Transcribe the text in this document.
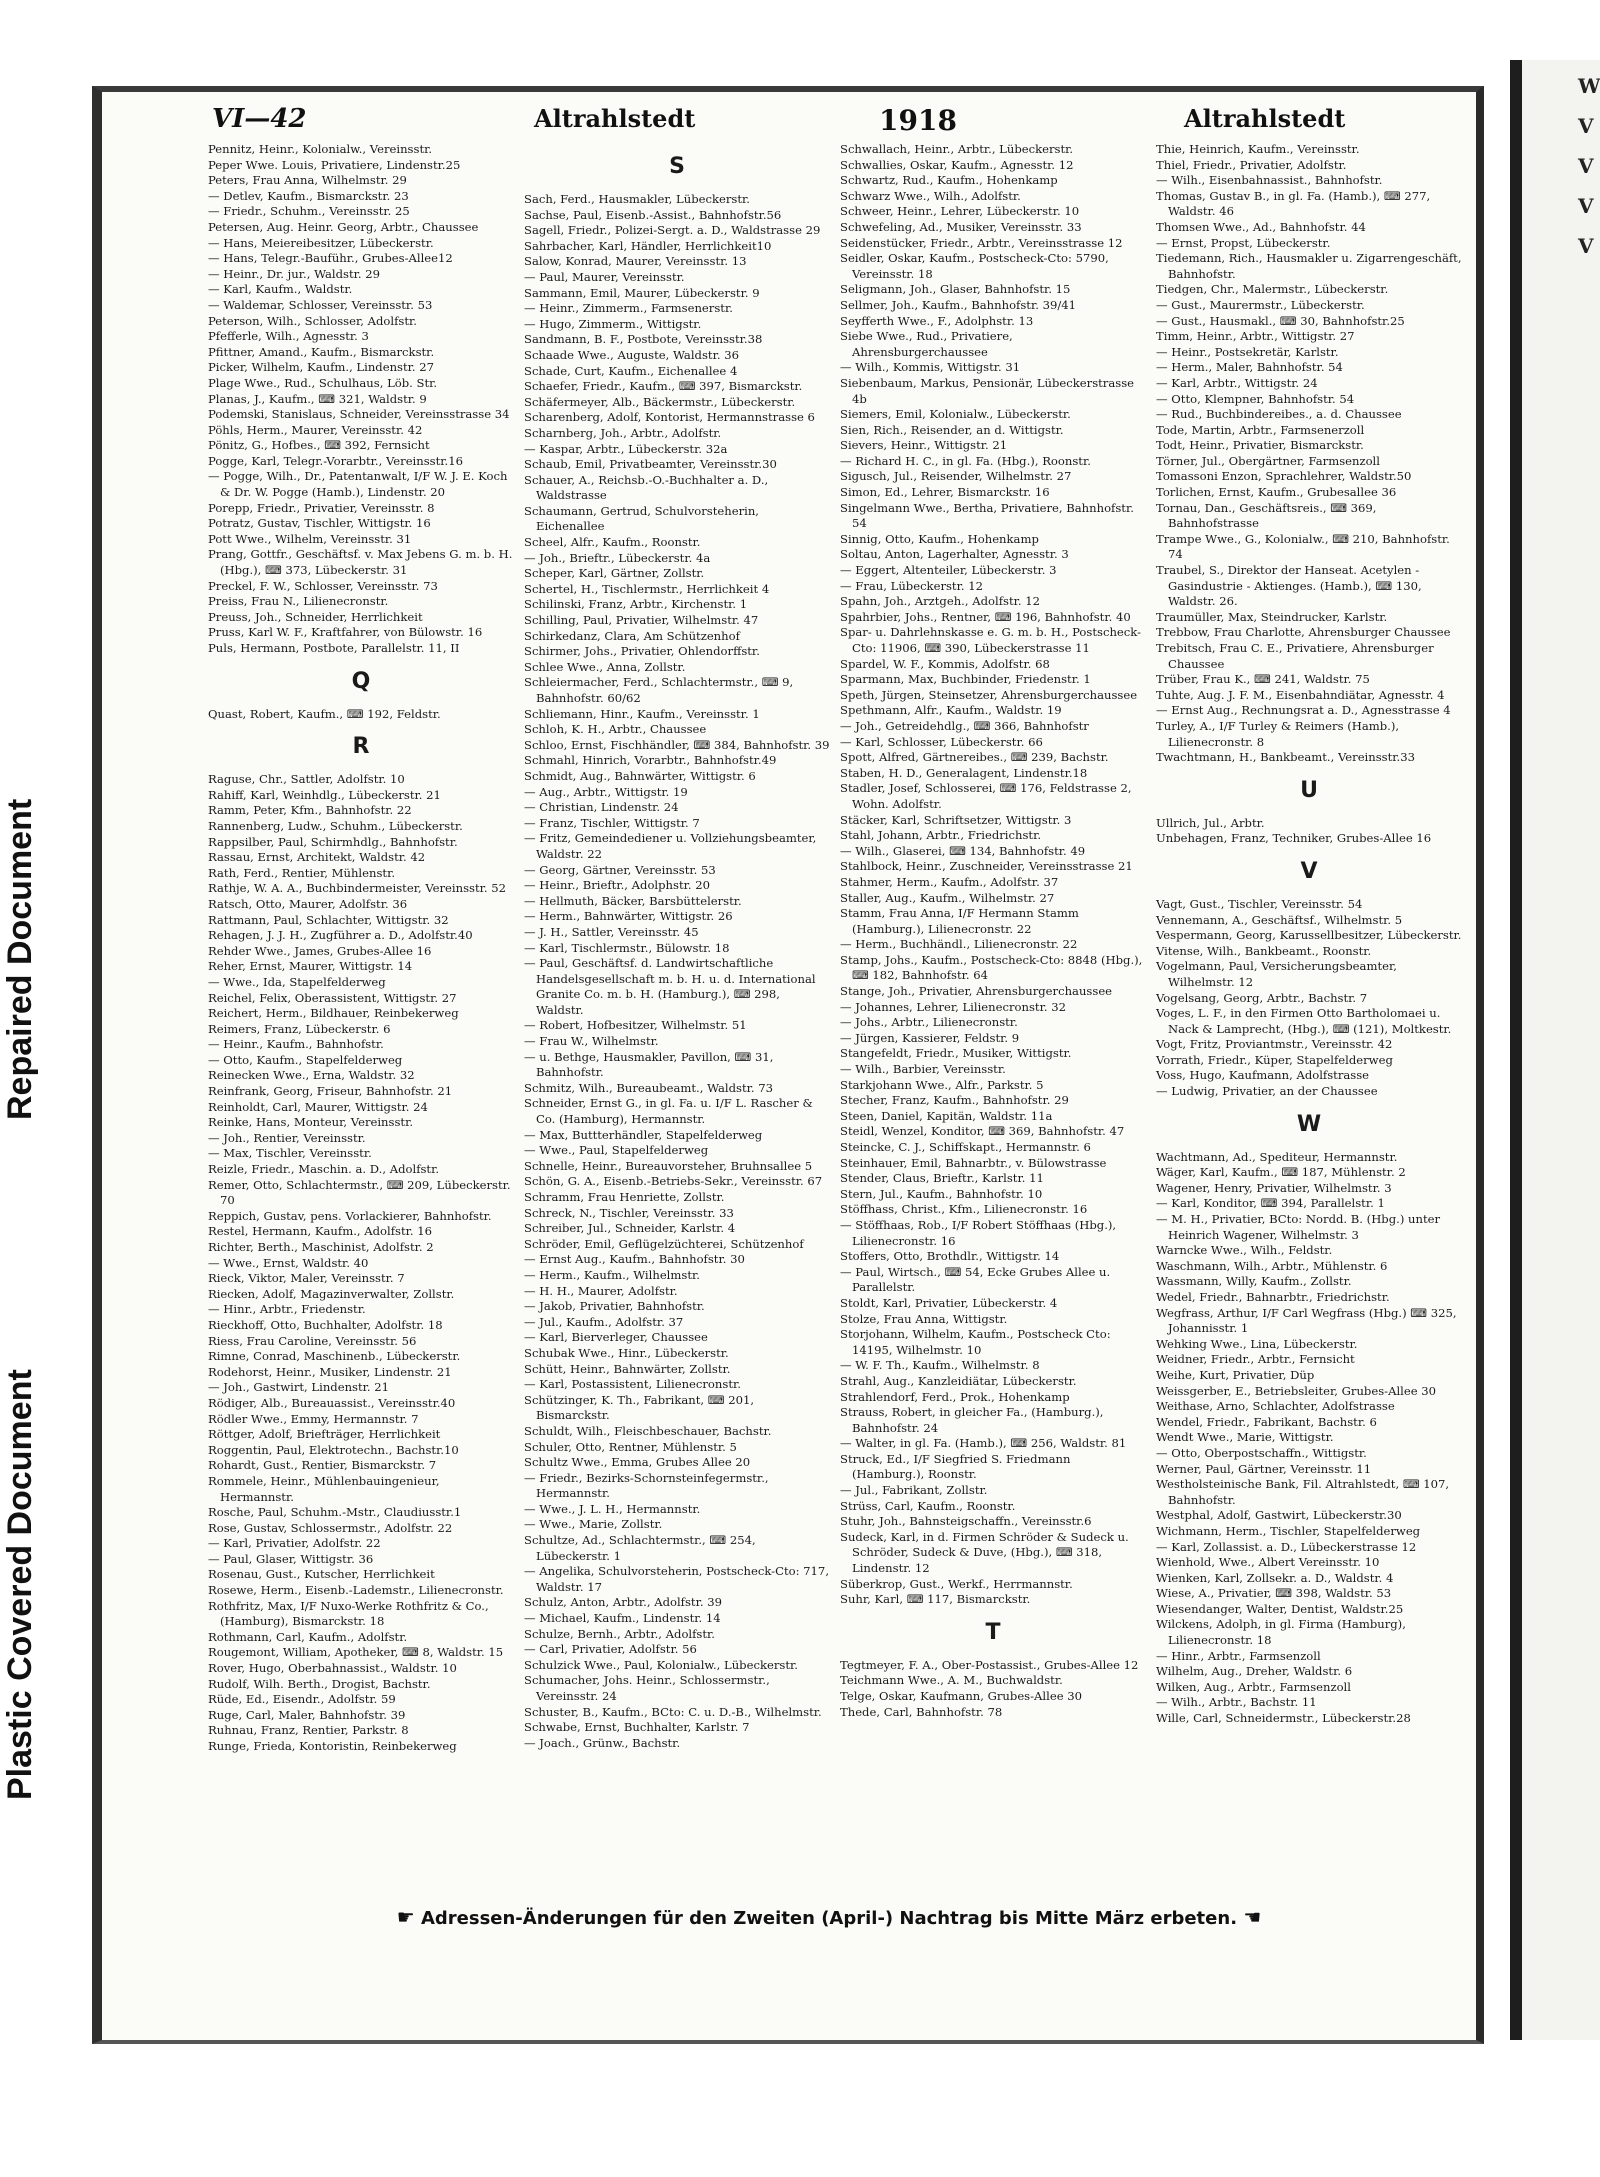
Repaired Document
Plastic Covered Document
VI—42	Altrahlstedt	1918	Altrahlstedt

Pennitz, Heinr., Kolonialw., Vereinsstr.

Peper Wwe. Louis, Privatiere, Lindenstr.25

Peters, Frau Anna, Wilhelmstr. 29

— Detlev, Kaufm., Bismarckstr. 23

— Friedr., Schuhm., Vereinsstr. 25

Petersen, Aug. Heinr. Georg, Arbtr., Chaussee

— Hans, Meiereibesitzer, Lübeckerstr.

— Hans, Telegr.-Bauführ., Grubes-Allee12

— Heinr., Dr. jur., Waldstr. 29

— Karl, Kaufm., Waldstr.

— Waldemar, Schlosser, Vereinsstr. 53

Peterson, Wilh., Schlosser, Adolfstr.

Pfefferle, Wilh., Agnesstr. 3

Pfittner, Amand., Kaufm., Bismarckstr.

Picker, Wilhelm, Kaufm., Lindenstr. 27

Plage Wwe., Rud., Schulhaus, Löb. Str.

Planas, J., Kaufm., ⌨ 321, Waldstr. 9

Podemski, Stanislaus, Schneider, Vereinsstrasse 34

Pöhls, Herm., Maurer, Vereinsstr. 42

Pönitz, G., Hofbes., ⌨ 392, Fernsicht

Pogge, Karl, Telegr.-Vorarbtr., Vereinsstr.16

— Pogge, Wilh., Dr., Patentanwalt, I/F W. J. E. Koch & Dr. W. Pogge (Hamb.), Lindenstr. 20

Porepp, Friedr., Privatier, Vereinsstr. 8

Potratz, Gustav, Tischler, Wittigstr. 16

Pott Wwe., Wilhelm, Vereinsstr. 31

Prang, Gottfr., Geschäftsf. v. Max Jebens G. m. b. H. (Hbg.), ⌨ 373, Lübeckerstr. 31

Preckel, F. W., Schlosser, Vereinsstr. 73

Preiss, Frau N., Lilienecronstr.

Preuss, Joh., Schneider, Herrlichkeit

Pruss, Karl W. F., Kraftfahrer, von Bülowstr. 16

Puls, Hermann, Postbote, Parallelstr. 11, II

Q

Quast, Robert, Kaufm., ⌨ 192, Feldstr.

R

Raguse, Chr., Sattler, Adolfstr. 10

Rahiff, Karl, Weinhdlg., Lübeckerstr. 21

Ramm, Peter, Kfm., Bahnhofstr. 22

Rannenberg, Ludw., Schuhm., Lübeckerstr.

Rappsilber, Paul, Schirmhdlg., Bahnhofstr.

Rassau, Ernst, Architekt, Waldstr. 42

Rath, Ferd., Rentier, Mühlenstr.

Rathje, W. A. A., Buchbindermeister, Vereinsstr. 52

Ratsch, Otto, Maurer, Adolfstr. 36

Rattmann, Paul, Schlachter, Wittigstr. 32

Rehagen, J. J. H., Zugführer a. D., Adolfstr.40

Rehder Wwe., James, Grubes-Allee 16

Reher, Ernst, Maurer, Wittigstr. 14

— Wwe., Ida, Stapelfelderweg

Reichel, Felix, Oberassistent, Wittigstr. 27

Reichert, Herm., Bildhauer, Reinbekerweg

Reimers, Franz, Lübeckerstr. 6

— Heinr., Kaufm., Bahnhofstr.

— Otto, Kaufm., Stapelfelderweg

Reinecken Wwe., Erna, Waldstr. 32

Reinfrank, Georg, Friseur, Bahnhofstr. 21

Reinholdt, Carl, Maurer, Wittigstr. 24

Reinke, Hans, Monteur, Vereinsstr.

— Joh., Rentier, Vereinsstr.

— Max, Tischler, Vereinsstr.

Reizle, Friedr., Maschin. a. D., Adolfstr.

Remer, Otto, Schlachtermstr., ⌨ 209, Lübeckerstr. 70

Reppich, Gustav, pens. Vorlackierer, Bahnhofstr.

Restel, Hermann, Kaufm., Adolfstr. 16

Richter, Berth., Maschinist, Adolfstr. 2

— Wwe., Ernst, Waldstr. 40

Rieck, Viktor, Maler, Vereinsstr. 7

Riecken, Adolf, Magazinverwalter, Zollstr.

— Hinr., Arbtr., Friedenstr.

Rieckhoff, Otto, Buchhalter, Adolfstr. 18

Riess, Frau Caroline, Vereinsstr. 56

Rimne, Conrad, Maschinenb., Lübeckerstr.

Rodehorst, Heinr., Musiker, Lindenstr. 21

— Joh., Gastwirt, Lindenstr. 21

Rödiger, Alb., Bureauassist., Vereinsstr.40

Rödler Wwe., Emmy, Hermannstr. 7

Röttger, Adolf, Briefträger, Herrlichkeit

Roggentin, Paul, Elektrotechn., Bachstr.10

Rohardt, Gust., Rentier, Bismarckstr. 7

Rommele, Heinr., Mühlenbauingenieur, Hermannstr.

Rosche, Paul, Schuhm.-Mstr., Claudiusstr.1

Rose, Gustav, Schlossermstr., Adolfstr. 22

— Karl, Privatier, Adolfstr. 22

— Paul, Glaser, Wittigstr. 36

Rosenau, Gust., Kutscher, Herrlichkeit

Rosewe, Herm., Eisenb.-Lademstr., Lilienecronstr.

Rothfritz, Max, I/F Nuxo-Werke Rothfritz & Co., (Hamburg), Bismarckstr. 18

Rothmann, Carl, Kaufm., Adolfstr.

Rougemont, William, Apotheker, ⌨ 8, Waldstr. 15

Rover, Hugo, Oberbahnassist., Waldstr. 10

Rudolf, Wilh. Berth., Drogist, Bachstr.

Rüde, Ed., Eisendr., Adolfstr. 59

Ruge, Carl, Maler, Bahnhofstr. 39

Ruhnau, Franz, Rentier, Parkstr. 8

Runge, Frieda, Kontoristin, Reinbekerweg

S

Sach, Ferd., Hausmakler, Lübeckerstr.

Sachse, Paul, Eisenb.-Assist., Bahnhofstr.56

Sagell, Friedr., Polizei-Sergt. a. D., Waldstrasse 29

Sahrbacher, Karl, Händler, Herrlichkeit10

Salow, Konrad, Maurer, Vereinsstr. 13

— Paul, Maurer, Vereinsstr.

Sammann, Emil, Maurer, Lübeckerstr. 9

— Heinr., Zimmerm., Farmsenerstr.

— Hugo, Zimmerm., Wittigstr.

Sandmann, B. F., Postbote, Vereinsstr.38

Schaade Wwe., Auguste, Waldstr. 36

Schade, Curt, Kaufm., Eichenallee 4

Schaefer, Friedr., Kaufm., ⌨ 397, Bismarckstr.

Schäfermeyer, Alb., Bäckermstr., Lübeckerstr.

Scharenberg, Adolf, Kontorist, Hermannstrasse 6

Scharnberg, Joh., Arbtr., Adolfstr.

— Kaspar, Arbtr., Lübeckerstr. 32a

Schaub, Emil, Privatbeamter, Vereinsstr.30

Schauer, A., Reichsb.-O.-Buchhalter a. D., Waldstrasse

Schaumann, Gertrud, Schulvorsteherin, Eichenallee

Scheel, Alfr., Kaufm., Roonstr.

— Joh., Brieftr., Lübeckerstr. 4a

Scheper, Karl, Gärtner, Zollstr.

Schertel, H., Tischlermstr., Herrlichkeit 4

Schilinski, Franz, Arbtr., Kirchenstr. 1

Schilling, Paul, Privatier, Wilhelmstr. 47

Schirkedanz, Clara, Am Schützenhof

Schirmer, Johs., Privatier, Ohlendorffstr.

Schlee Wwe., Anna, Zollstr.

Schleiermacher, Ferd., Schlachtermstr., ⌨ 9, Bahnhofstr. 60/62

Schliemann, Hinr., Kaufm., Vereinsstr. 1

Schloh, K. H., Arbtr., Chaussee

Schloo, Ernst, Fischhändler, ⌨ 384, Bahnhofstr. 39

Schmahl, Hinrich, Vorarbtr., Bahnhofstr.49

Schmidt, Aug., Bahnwärter, Wittigstr. 6

— Aug., Arbtr., Wittigstr. 19

— Christian, Lindenstr. 24

— Franz, Tischler, Wittigstr. 7

— Fritz, Gemeindediener u. Vollziehungsbeamter, Waldstr. 22

— Georg, Gärtner, Vereinsstr. 53

— Heinr., Brieftr., Adolphstr. 20

— Hellmuth, Bäcker, Barsbüttelerstr.

— Herm., Bahnwärter, Wittigstr. 26

— J. H., Sattler, Vereinsstr. 45

— Karl, Tischlermstr., Bülowstr. 18

— Paul, Geschäftsf. d. Landwirtschaftliche Handelsgesellschaft m. b. H. u. d. International Granite Co. m. b. H. (Hamburg.), ⌨ 298, Waldstr.

— Robert, Hofbesitzer, Wilhelmstr. 51

— Frau W., Wilhelmstr.

— u. Bethge, Hausmakler, Pavillon, ⌨ 31, Bahnhofstr.

Schmitz, Wilh., Bureaubeamt., Waldstr. 73

Schneider, Ernst G., in gl. Fa. u. I/F L. Rascher & Co. (Hamburg), Hermannstr.

— Max, Buttterhändler, Stapelfelderweg

— Wwe., Paul, Stapelfelderweg

Schnelle, Heinr., Bureauvorsteher, Bruhnsallee 5

Schön, G. A., Eisenb.-Betriebs-Sekr., Vereinsstr. 67

Schramm, Frau Henriette, Zollstr.

Schreck, N., Tischler, Vereinsstr. 33

Schreiber, Jul., Schneider, Karlstr. 4

Schröder, Emil, Geflügelzüchterei, Schützenhof

— Ernst Aug., Kaufm., Bahnhofstr. 30

— Herm., Kaufm., Wilhelmstr.

— H. H., Maurer, Adolfstr.

— Jakob, Privatier, Bahnhofstr.

— Jul., Kaufm., Adolfstr. 37

— Karl, Bierverleger, Chaussee

Schubak Wwe., Hinr., Lübeckerstr.

Schütt, Heinr., Bahnwärter, Zollstr.

— Karl, Postassistent, Lilienecronstr.

Schützinger, K. Th., Fabrikant, ⌨ 201, Bismarckstr.

Schuldt, Wilh., Fleischbeschauer, Bachstr.

Schuler, Otto, Rentner, Mühlenstr. 5

Schultz Wwe., Emma, Grubes Allee 20

— Friedr., Bezirks-Schornsteinfegermstr., Hermannstr.

— Wwe., J. L. H., Hermannstr.

— Wwe., Marie, Zollstr.

Schultze, Ad., Schlachtermstr., ⌨ 254, Lübeckerstr. 1

— Angelika, Schulvorsteherin, Postscheck-Cto: 717, Waldstr. 17

Schulz, Anton, Arbtr., Adolfstr. 39

— Michael, Kaufm., Lindenstr. 14

Schulze, Bernh., Arbtr., Adolfstr.

— Carl, Privatier, Adolfstr. 56

Schulzick Wwe., Paul, Kolonialw., Lübeckerstr.

Schumacher, Johs. Heinr., Schlossermstr., Vereinsstr. 24

Schuster, B., Kaufm., BCto: C. u. D.-B., Wilhelmstr.

Schwabe, Ernst, Buchhalter, Karlstr. 7

— Joach., Grünw., Bachstr.

Schwallach, Heinr., Arbtr., Lübeckerstr.

Schwallies, Oskar, Kaufm., Agnesstr. 12

Schwartz, Rud., Kaufm., Hohenkamp

Schwarz Wwe., Wilh., Adolfstr.

Schweer, Heinr., Lehrer, Lübeckerstr. 10

Schwefeling, Ad., Musiker, Vereinsstr. 33

Seidenstücker, Friedr., Arbtr., Vereinsstrasse 12

Seidler, Oskar, Kaufm., Postscheck-Cto: 5790, Vereinsstr. 18

Seligmann, Joh., Glaser, Bahnhofstr. 15

Sellmer, Joh., Kaufm., Bahnhofstr. 39/41

Seyfferth Wwe., F., Adolphstr. 13

Siebe Wwe., Rud., Privatiere, Ahrensburgerchaussee

— Wilh., Kommis, Wittigstr. 31

Siebenbaum, Markus, Pensionär, Lübeckerstrasse 4b

Siemers, Emil, Kolonialw., Lübeckerstr.

Sien, Rich., Reisender, an d. Wittigstr.

Sievers, Heinr., Wittigstr. 21

— Richard H. C., in gl. Fa. (Hbg.), Roonstr.

Sigusch, Jul., Reisender, Wilhelmstr. 27

Simon, Ed., Lehrer, Bismarckstr. 16

Singelmann Wwe., Bertha, Privatiere, Bahnhofstr. 54

Sinnig, Otto, Kaufm., Hohenkamp

Soltau, Anton, Lagerhalter, Agnesstr. 3

— Eggert, Altenteiler, Lübeckerstr. 3

— Frau, Lübeckerstr. 12

Spahn, Joh., Arztgeh., Adolfstr. 12

Spahrbier, Johs., Rentner, ⌨ 196, Bahnhofstr. 40

Spar- u. Dahrlehnskasse e. G. m. b. H., Postscheck-Cto: 11906, ⌨ 390, Lübeckerstrasse 11

Spardel, W. F., Kommis, Adolfstr. 68

Sparmann, Max, Buchbinder, Friedenstr. 1

Speth, Jürgen, Steinsetzer, Ahrensburgerchaussee

Spethmann, Alfr., Kaufm., Waldstr. 19

— Joh., Getreidehdlg., ⌨ 366, Bahnhofstr

— Karl, Schlosser, Lübeckerstr. 66

Spott, Alfred, Gärtnereibes., ⌨ 239, Bachstr.

Staben, H. D., Generalagent, Lindenstr.18

Stadler, Josef, Schlosserei, ⌨ 176, Feldstrasse 2, Wohn. Adolfstr.

Stäcker, Karl, Schriftsetzer, Wittigstr. 3

Stahl, Johann, Arbtr., Friedrichstr.

— Wilh., Glaserei, ⌨ 134, Bahnhofstr. 49

Stahlbock, Heinr., Zuschneider, Vereinsstrasse 21

Stahmer, Herm., Kaufm., Adolfstr. 37

Staller, Aug., Kaufm., Wilhelmstr. 27

Stamm, Frau Anna, I/F Hermann Stamm (Hamburg.), Lilienecronstr. 22

— Herm., Buchhändl., Lilienecronstr. 22

Stamp, Johs., Kaufm., Postscheck-Cto: 8848 (Hbg.), ⌨ 182, Bahnhofstr. 64

Stange, Joh., Privatier, Ahrensburgerchaussee

— Johannes, Lehrer, Lilienecronstr. 32

— Johs., Arbtr., Lilienecronstr.

— Jürgen, Kassierer, Feldstr. 9

Stangefeldt, Friedr., Musiker, Wittigstr.

— Wilh., Barbier, Vereinsstr.

Starkjohann Wwe., Alfr., Parkstr. 5

Stecher, Franz, Kaufm., Bahnhofstr. 29

Steen, Daniel, Kapitän, Waldstr. 11a

Steidl, Wenzel, Konditor, ⌨ 369, Bahnhofstr. 47

Steincke, C. J., Schiffskapt., Hermannstr. 6

Steinhauer, Emil, Bahnarbtr., v. Bülowstrasse

Stender, Claus, Brieftr., Karlstr. 11

Stern, Jul., Kaufm., Bahnhofstr. 10

Stöffhass, Christ., Kfm., Lilienecronstr. 16

— Stöffhaas, Rob., I/F Robert Stöffhaas (Hbg.), Lilienecronstr. 16

Stoffers, Otto, Brothdlr., Wittigstr. 14

— Paul, Wirtsch., ⌨ 54, Ecke Grubes Allee u. Parallelstr.

Stoldt, Karl, Privatier, Lübeckerstr. 4

Stolze, Frau Anna, Wittigstr.

Storjohann, Wilhelm, Kaufm., Postscheck Cto: 14195, Wilhelmstr. 10

— W. F. Th., Kaufm., Wilhelmstr. 8

Strahl, Aug., Kanzleidiätar, Lübeckerstr.

Strahlendorf, Ferd., Prok., Hohenkamp

Strauss, Robert, in gleicher Fa., (Hamburg.), Bahnhofstr. 24

— Walter, in gl. Fa. (Hamb.), ⌨ 256, Waldstr. 81

Struck, Ed., I/F Siegfried S. Friedmann (Hamburg.), Roonstr.

— Jul., Fabrikant, Zollstr.

Strüss, Carl, Kaufm., Roonstr.

Stuhr, Joh., Bahnsteigschaffn., Vereinsstr.6

Sudeck, Karl, in d. Firmen Schröder & Sudeck u. Schröder, Sudeck & Duve, (Hbg.), ⌨ 318, Lindenstr. 12

Süberkrop, Gust., Werkf., Herrmannstr.

Suhr, Karl, ⌨ 117, Bismarckstr.

T

Tegtmeyer, F. A., Ober-Postassist., Grubes-Allee 12

Teichmann Wwe., A. M., Buchwaldstr.

Telge, Oskar, Kaufmann, Grubes-Allee 30

Thede, Carl, Bahnhofstr. 78

Thie, Heinrich, Kaufm., Vereinsstr.

Thiel, Friedr., Privatier, Adolfstr.

— Wilh., Eisenbahnassist., Bahnhofstr.

Thomas, Gustav B., in gl. Fa. (Hamb.), ⌨ 277, Waldstr. 46

Thomsen Wwe., Ad., Bahnhofstr. 44

— Ernst, Propst, Lübeckerstr.

Tiedemann, Rich., Hausmakler u. Zigarrengeschäft, Bahnhofstr.

Tiedgen, Chr., Malermstr., Lübeckerstr.

— Gust., Maurermstr., Lübeckerstr.

— Gust., Hausmakl., ⌨ 30, Bahnhofstr.25

Timm, Heinr., Arbtr., Wittigstr. 27

— Heinr., Postsekretär, Karlstr.

— Herm., Maler, Bahnhofstr. 54

— Karl, Arbtr., Wittigstr. 24

— Otto, Klempner, Bahnhofstr. 54

— Rud., Buchbindereibes., a. d. Chaussee

Tode, Martin, Arbtr., Farmsenerzoll

Todt, Heinr., Privatier, Bismarckstr.

Törner, Jul., Obergärtner, Farmsenzoll

Tomassoni Enzon, Sprachlehrer, Waldstr.50

Torlichen, Ernst, Kaufm., Grubesallee 36

Tornau, Dan., Geschäftsreis., ⌨ 369, Bahnhofstrasse

Trampe Wwe., G., Kolonialw., ⌨ 210, Bahnhofstr. 74

Traubel, S., Direktor der Hanseat. Acetylen - Gasindustrie - Aktienges. (Hamb.), ⌨ 130, Waldstr. 26.

Traumüller, Max, Steindrucker, Karlstr.

Trebbow, Frau Charlotte, Ahrensburger Chaussee

Trebitsch, Frau C. E., Privatiere, Ahrensburger Chaussee

Trüber, Frau K., ⌨ 241, Waldstr. 75

Tuhte, Aug. J. F. M., Eisenbahndiätar, Agnesstr. 4

— Ernst Aug., Rechnungsrat a. D., Agnesstrasse 4

Turley, A., I/F Turley & Reimers (Hamb.), Lilienecronstr. 8

Twachtmann, H., Bankbeamt., Vereinsstr.33

U

Ullrich, Jul., Arbtr.

Unbehagen, Franz, Techniker, Grubes-Allee 16

V

Vagt, Gust., Tischler, Vereinsstr. 54

Vennemann, A., Geschäftsf., Wilhelmstr. 5

Vespermann, Georg, Karussellbesitzer, Lübeckerstr.

Vitense, Wilh., Bankbeamt., Roonstr.

Vogelmann, Paul, Versicherungsbeamter, Wilhelmstr. 12

Vogelsang, Georg, Arbtr., Bachstr. 7

Voges, L. F., in den Firmen Otto Bartholomaei u. Nack & Lamprecht, (Hbg.), ⌨ (121), Moltkestr.

Vogt, Fritz, Proviantmstr., Vereinsstr. 42

Vorrath, Friedr., Küper, Stapelfelderweg

Voss, Hugo, Kaufmann, Adolfstrasse

— Ludwig, Privatier, an der Chaussee

W

Wachtmann, Ad., Spediteur, Hermannstr.

Wäger, Karl, Kaufm., ⌨ 187, Mühlenstr. 2

Wagener, Henry, Privatier, Wilhelmstr. 3

— Karl, Konditor, ⌨ 394, Parallelstr. 1

— M. H., Privatier, BCto: Nordd. B. (Hbg.) unter Heinrich Wagener, Wilhelmstr. 3

Warncke Wwe., Wilh., Feldstr.

Waschmann, Wilh., Arbtr., Mühlenstr. 6

Wassmann, Willy, Kaufm., Zollstr.

Wedel, Friedr., Bahnarbtr., Friedrichstr.

Wegfrass, Arthur, I/F Carl Wegfrass (Hbg.) ⌨ 325, Johannisstr. 1

Wehking Wwe., Lina, Lübeckerstr.

Weidner, Friedr., Arbtr., Fernsicht

Weihe, Kurt, Privatier, Düp

Weissgerber, E., Betriebsleiter, Grubes-Allee 30

Weithase, Arno, Schlachter, Adolfstrasse

Wendel, Friedr., Fabrikant, Bachstr. 6

Wendt Wwe., Marie, Wittigstr.

— Otto, Oberpostschaffn., Wittigstr.

Werner, Paul, Gärtner, Vereinsstr. 11

Westholsteinische Bank, Fil. Altrahlstedt, ⌨ 107, Bahnhofstr.

Westphal, Adolf, Gastwirt, Lübeckerstr.30

Wichmann, Herm., Tischler, Stapelfelderweg

— Karl, Zollassist. a. D., Lübeckerstrasse 12

Wienhold, Wwe., Albert Vereinsstr. 10

Wienken, Karl, Zollsekr. a. D., Waldstr. 4

Wiese, A., Privatier, ⌨ 398, Waldstr. 53

Wiesendanger, Walter, Dentist, Waldstr.25

Wilckens, Adolph, in gl. Firma (Hamburg), Lilienecronstr. 18

— Hinr., Arbtr., Farmsenzoll

Wilhelm, Aug., Dreher, Waldstr. 6

Wilken, Aug., Arbtr., Farmsenzoll

— Wilh., Arbtr., Bachstr. 11

Wille, Carl, Schneidermstr., Lübeckerstr.28

☛ Adressen-Änderungen für den Zweiten (April-) Nachtrag bis Mitte März erbeten. ☚
W
V
V
V
V
